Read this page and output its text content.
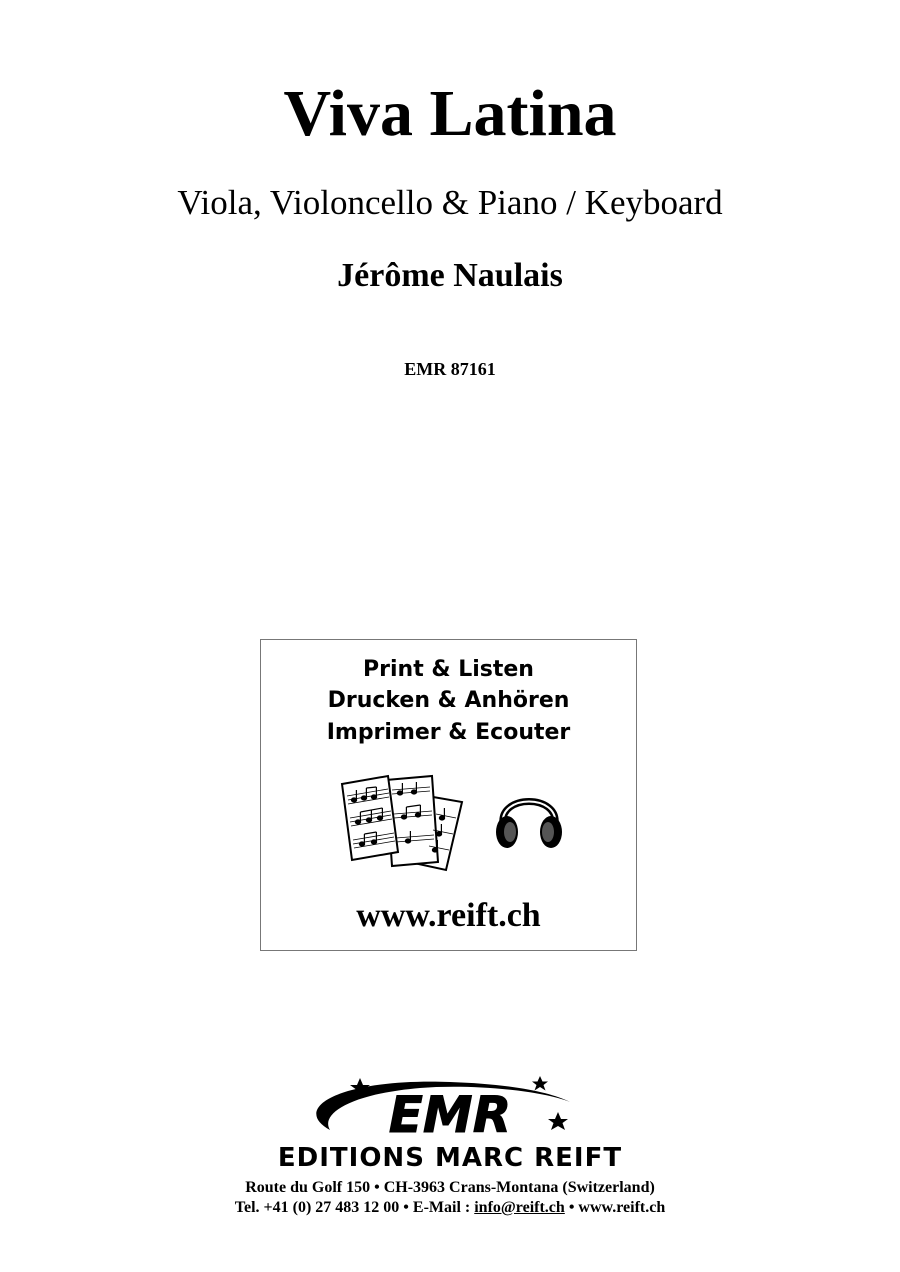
Viva Latina
Viola, Violoncello & Piano / Keyboard
Jérôme Naulais
EMR 87161
Print & Listen
Drucken & Anhören
Imprimer & Ecouter
www.reift.ch
EMR
EDITIONS MARC REIFT
Route du Golf 150 • CH-3963 Crans-Montana (Switzerland)
Tel. +41 (0) 27 483 12 00 • E-Mail : info@reift.ch • www.reift.ch
